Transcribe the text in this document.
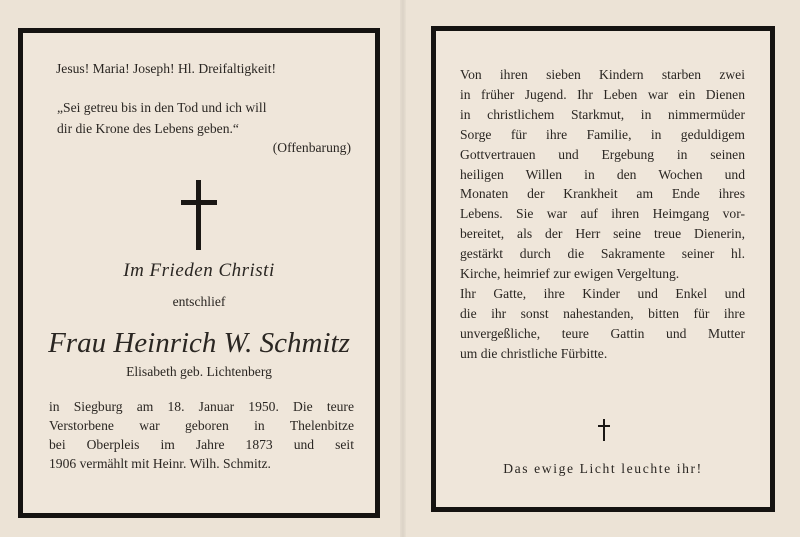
Jesus! Maria! Joseph! Hl. Dreifaltigkeit!
„Sei getreu bis in den Tod und ich will
dir die Krone des Lebens geben.“
(Offenbarung)
Im Frieden Christi
entschlief
Frau Heinrich W. Schmitz
Elisabeth geb. Lichtenberg
in Siegburg am 18. Januar 1950. Die teure
Verstorbene war geboren in Thelenbitze
bei Oberpleis im Jahre 1873 und seit
1906 vermählt mit Heinr. Wilh. Schmitz.
Von ihren sieben Kindern starben zwei
in früher Jugend. Ihr Leben war ein Dienen
in christlichem Starkmut, in nimmermüder
Sorge für ihre Familie, in geduldigem
Gottvertrauen und Ergebung in seinen
heiligen Willen in den Wochen und
Monaten der Krankheit am Ende ihres
Lebens. Sie war auf ihren Heimgang vor-
bereitet, als der Herr seine treue Dienerin,
gestärkt durch die Sakramente seiner hl.
Kirche, heimrief zur ewigen Vergeltung.
Ihr Gatte, ihre Kinder und Enkel und
die ihr sonst nahestanden, bitten für ihre
unvergeßliche, teure Gattin und Mutter
um die christliche Fürbitte.
Das ewige Licht leuchte ihr!
